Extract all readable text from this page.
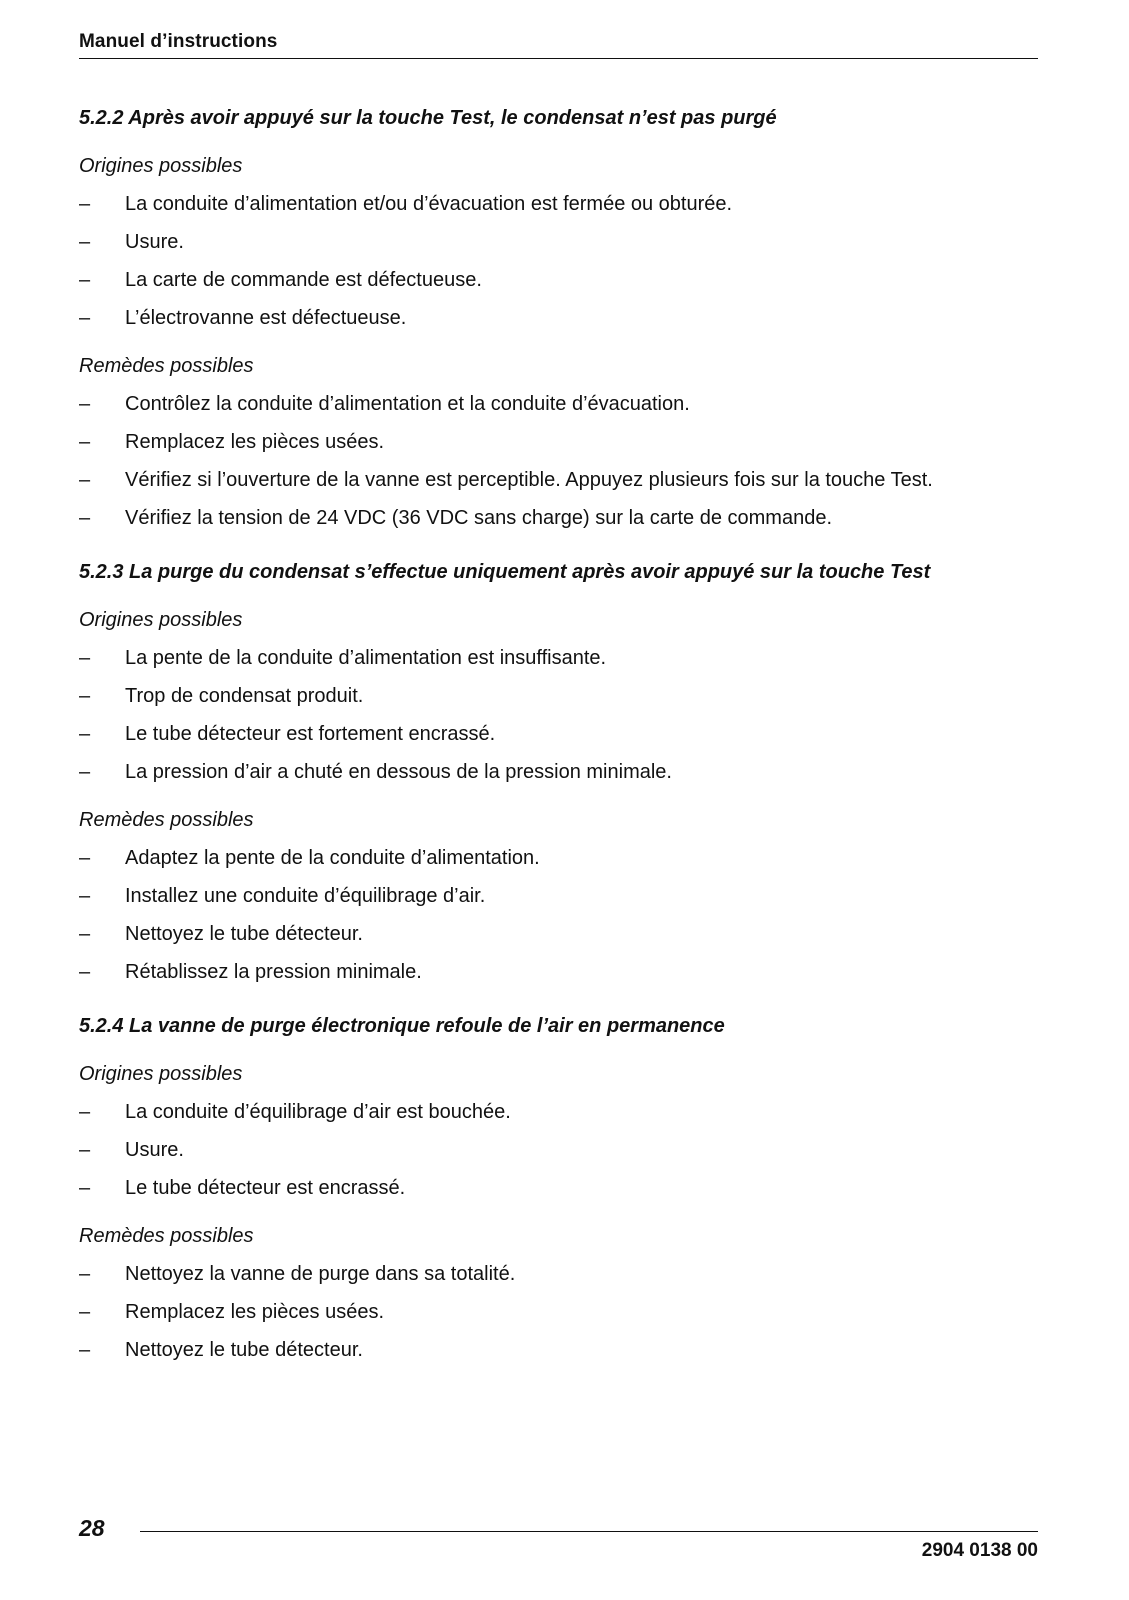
Manuel d’instructions
5.2.2 Après avoir appuyé sur la touche Test, le condensat n’est pas purgé
Origines possibles
– La conduite d’alimentation et/ou d’évacuation est fermée ou obturée.
– Usure.
– La carte de commande est défectueuse.
– L’électrovanne est défectueuse.
Remèdes possibles
– Contrôlez la conduite d’alimentation et la conduite d’évacuation.
– Remplacez les pièces usées.
– Vérifiez si l’ouverture de la vanne est perceptible. Appuyez plusieurs fois sur la touche Test.
– Vérifiez la tension de 24 VDC (36 VDC sans charge) sur la carte de commande.
5.2.3 La purge du condensat s’effectue uniquement après avoir appuyé sur la touche Test
Origines possibles
– La pente de la conduite d’alimentation est insuffisante.
– Trop de condensat produit.
– Le tube détecteur est fortement encrassé.
– La pression d’air a chuté en dessous de la pression minimale.
Remèdes possibles
– Adaptez la pente de la conduite d’alimentation.
– Installez une conduite d’équilibrage d’air.
– Nettoyez le tube détecteur.
– Rétablissez la pression minimale.
5.2.4 La vanne de purge électronique refoule de l’air en permanence
Origines possibles
– La conduite d’équilibrage d’air est bouchée.
– Usure.
– Le tube détecteur est encrassé.
Remèdes possibles
– Nettoyez la vanne de purge dans sa totalité.
– Remplacez les pièces usées.
– Nettoyez le tube détecteur.
28
2904 0138 00
